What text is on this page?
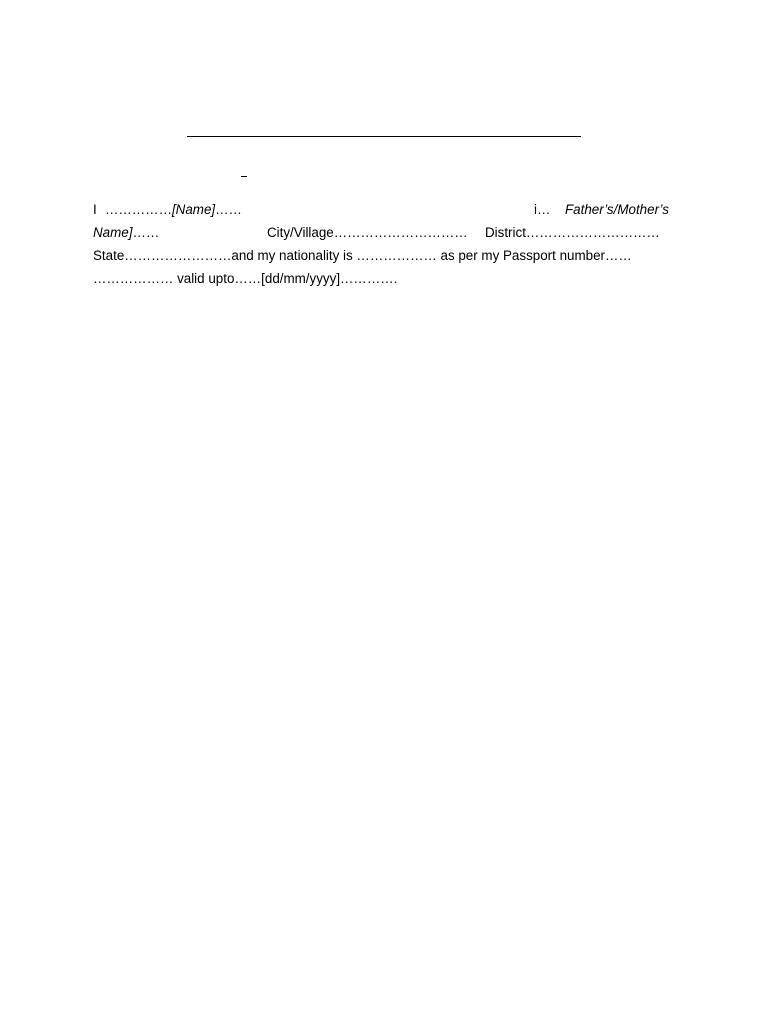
I ……………[Name]……	i… Father’s/Mother’s
Name]……	City/Village………………………… District…………………………
State……………………and my nationality is ……………… as per my Passport number……
……………… valid upto……[dd/mm/yyyy]………….
